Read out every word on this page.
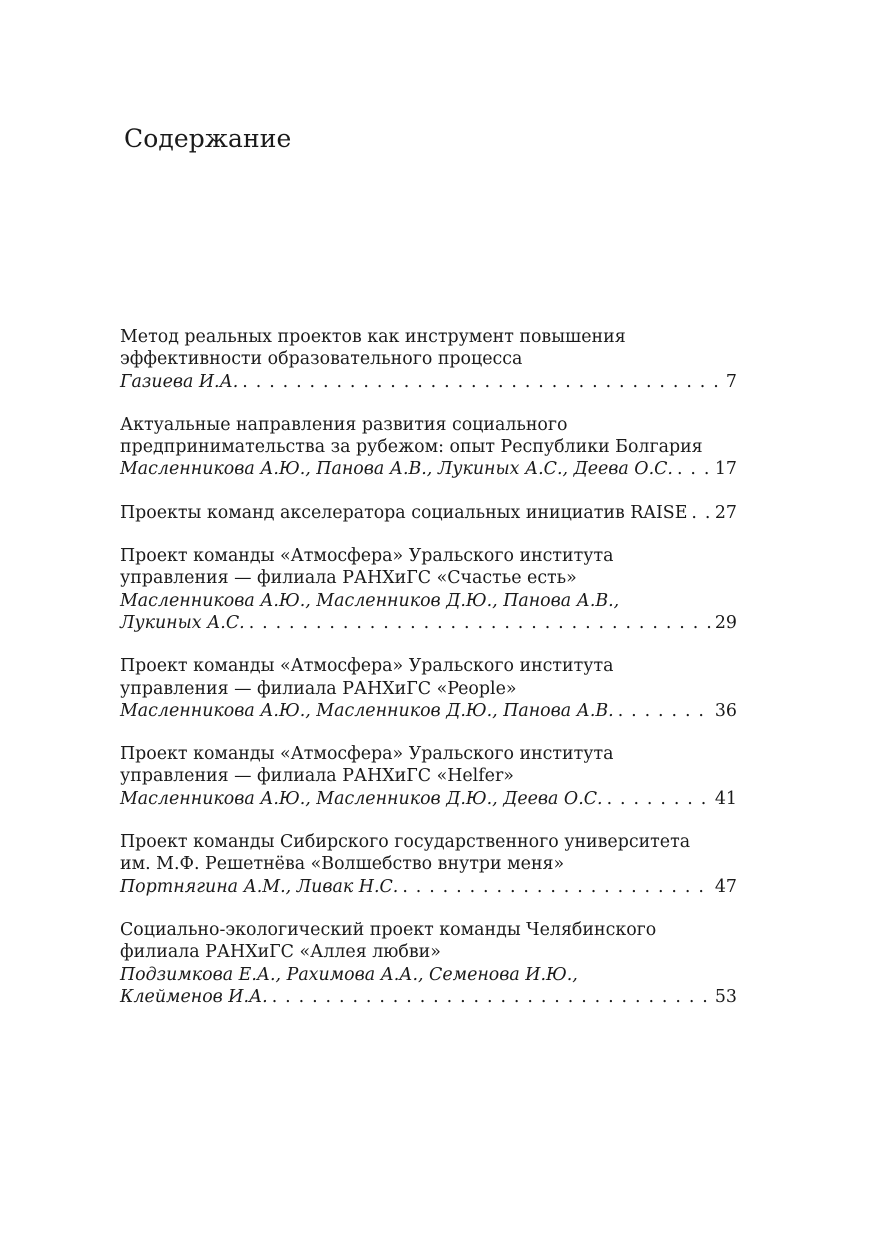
Содержание
Метод реальных проектов как инструмент повышения
эффективности образовательного процесса
Газиева И.А. . . .	7
Актуальные направления развития социального
предпринимательства за рубежом: опыт Республики Болгария
Масленникова А.Ю., Панова А.В., Лукиных А.С., Деева О.С. . . . 17
Проекты команд акселератора социальных инициатив RAISE . . . 27
Проект команды «Атмосфера» Уральского института
управления — филиала РАНХиГС «Счастье есть»
Масленникова А.Ю., Масленников Д.Ю., Панова А.В.,
Лукиных А.С. . . .	29
Проект команды «Атмосфера» Уральского института
управления — филиала РАНХиГС «People»
Масленникова А.Ю., Масленников Д.Ю., Панова А.В. . . .	36
Проект команды «Атмосфера» Уральского института
управления — филиала РАНХиГС «Helfer»
Масленникова А.Ю., Масленников Д.Ю., Деева О.С. . . .	41
Проект команды Сибирского государственного университета
им. М.Ф. Решетнёва «Волшебство внутри меня»
Портнягина А.М., Ливак Н.С. . . .	47
Социально-экологический проект команды Челябинского
филиала РАНХиГС «Аллея любви»
Подзимкова Е.А., Рахимова А.А., Семенова И.Ю.,
Клейменов И.А. . . .	53
